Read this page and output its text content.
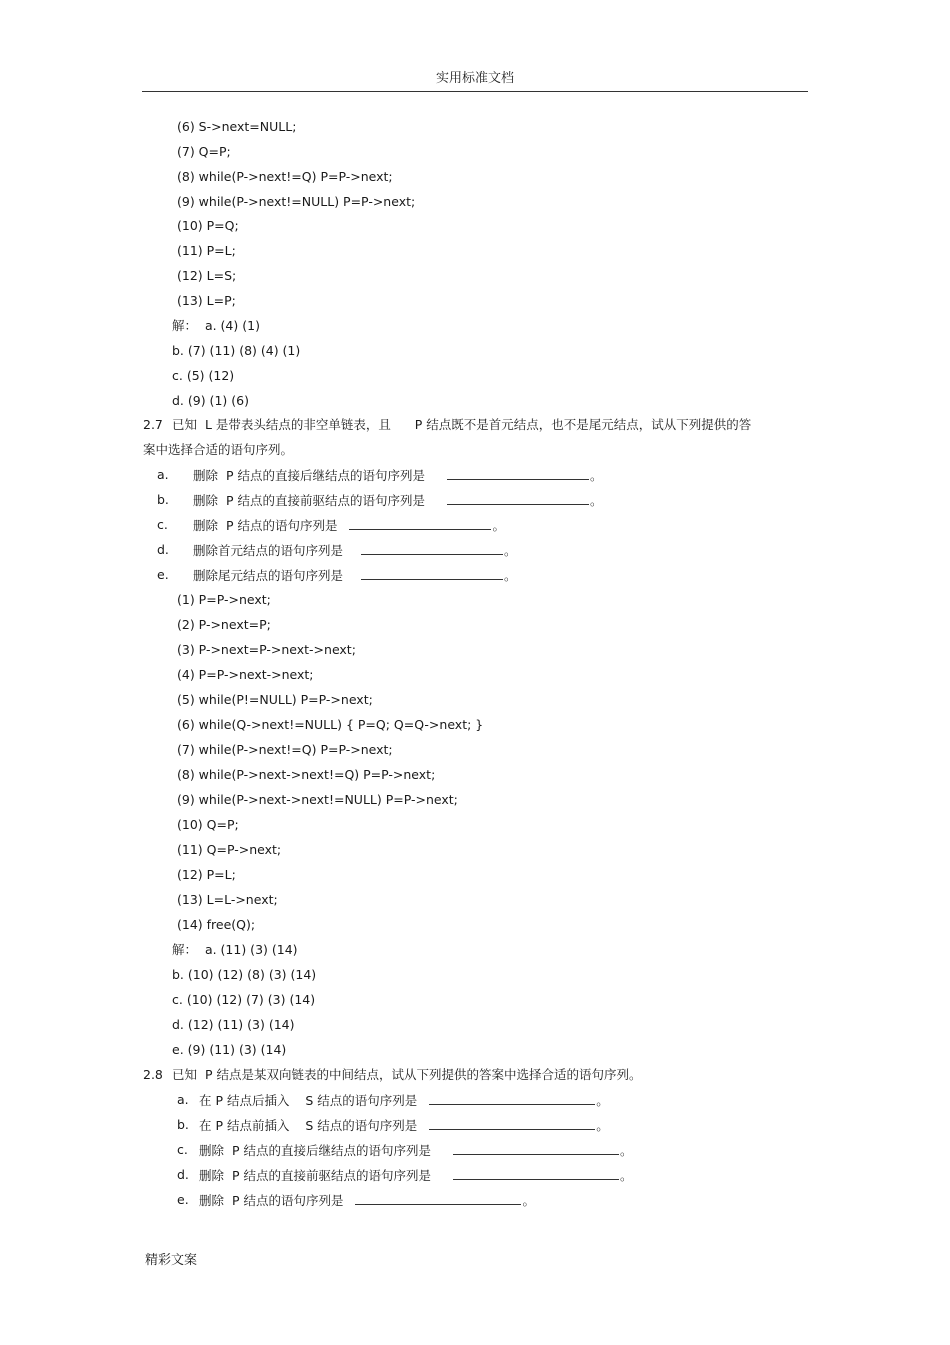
实用标准文档
(6) S->next=NULL;
(7) Q=P;
(8) while(P->next!=Q) P=P->next;
(9) while(P->next!=NULL) P=P->next;
(10) P=Q;
(11) P=L;
(12) L=S;
(13) L=P;
解：  a. (4) (1)
b. (7) (11) (8) (4) (1)
c. (5) (12)
d. (9) (1) (6)
2.7 已知  L 是带表头结点的非空单链表，且      P 结点既不是首元结点，也不是尾元结点，试从下列提供的答
案中选择合适的语句序列。
a. 删除  P 结点的直接后继结点的语句序列是	。
b. 删除  P 结点的直接前驱结点的语句序列是	。
c. 删除  P 结点的语句序列是	。
d. 删除首元结点的语句序列是	。
e. 删除尾元结点的语句序列是	。
(1) P=P->next;
(2) P->next=P;
(3) P->next=P->next->next;
(4) P=P->next->next;
(5) while(P!=NULL) P=P->next;
(6) while(Q->next!=NULL) { P=Q; Q=Q->next; }
(7) while(P->next!=Q) P=P->next;
(8) while(P->next->next!=Q) P=P->next;
(9) while(P->next->next!=NULL) P=P->next;
(10) Q=P;
(11) Q=P->next;
(12) P=L;
(13) L=L->next;
(14) free(Q);
解：  a. (11) (3) (14)
b. (10) (12) (8) (3) (14)
c. (10) (12) (7) (3) (14)
d. (12) (11) (3) (14)
e. (9) (11) (3) (14)
2.8 已知  P 结点是某双向链表的中间结点，试从下列提供的答案中选择合适的语句序列。
a. 在 P 结点后插入    S 结点的语句序列是	。
b. 在 P 结点前插入    S 结点的语句序列是	。
c. 删除  P 结点的直接后继结点的语句序列是	。
d. 删除  P 结点的直接前驱结点的语句序列是	。
e. 删除  P 结点的语句序列是	。
精彩文案
